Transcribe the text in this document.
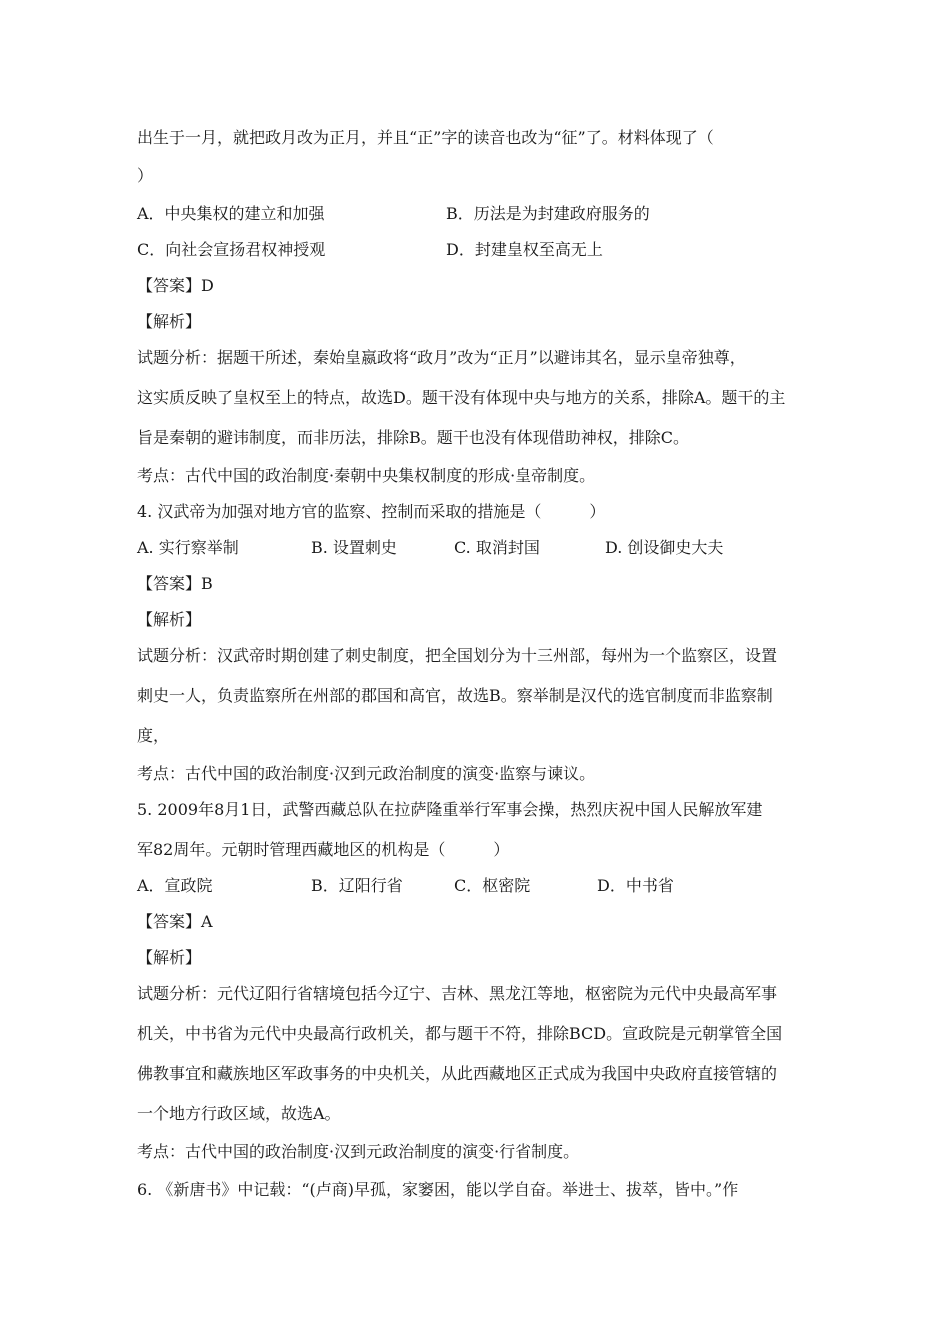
出生于一月，就把政月改为正月，并且“正”字的读音也改为“征”了。材料体现了（
）
A．中央集权的建立和加强	B．历法是为封建政府服务的
C．向社会宣扬君权神授观	D．封建皇权至高无上
【答案】D
【解析】
试题分析：据题干所述，秦始皇嬴政将“政月”改为“正月”以避讳其名，显示皇帝独尊，
这实质反映了皇权至上的特点，故选D。题干没有体现中央与地方的关系，排除A。题干的主
旨是秦朝的避讳制度，而非历法，排除B。题干也没有体现借助神权，排除C。
考点：古代中国的政治制度·秦朝中央集权制度的形成·皇帝制度。
4. 汉武帝为加强对地方官的监察、控制而采取的措施是（　　　）
A. 实行察举制	B. 设置刺史	C. 取消封国	D. 创设御史大夫
【答案】B
【解析】
试题分析：汉武帝时期创建了刺史制度，把全国划分为十三州部，每州为一个监察区，设置
刺史一人，负责监察所在州部的郡国和高官，故选B。察举制是汉代的选官制度而非监察制
度，
考点：古代中国的政治制度·汉到元政治制度的演变·监察与谏议。
5. 2009年8月1日，武警西藏总队在拉萨隆重举行军事会操，热烈庆祝中国人民解放军建
军82周年。元朝时管理西藏地区的机构是（　　　）
A．宣政院	B．辽阳行省	C．枢密院	D．中书省
【答案】A
【解析】
试题分析：元代辽阳行省辖境包括今辽宁、吉林、黑龙江等地，枢密院为元代中央最高军事
机关，中书省为元代中央最高行政机关，都与题干不符，排除BCD。宣政院是元朝掌管全国
佛教事宜和藏族地区军政事务的中央机关，从此西藏地区正式成为我国中央政府直接管辖的
一个地方行政区域，故选A。
考点：古代中国的政治制度·汉到元政治制度的演变·行省制度。
6. 《新唐书》中记载：“(卢商)早孤，家窭困，能以学自奋。举进士、拔萃，皆中。”作
